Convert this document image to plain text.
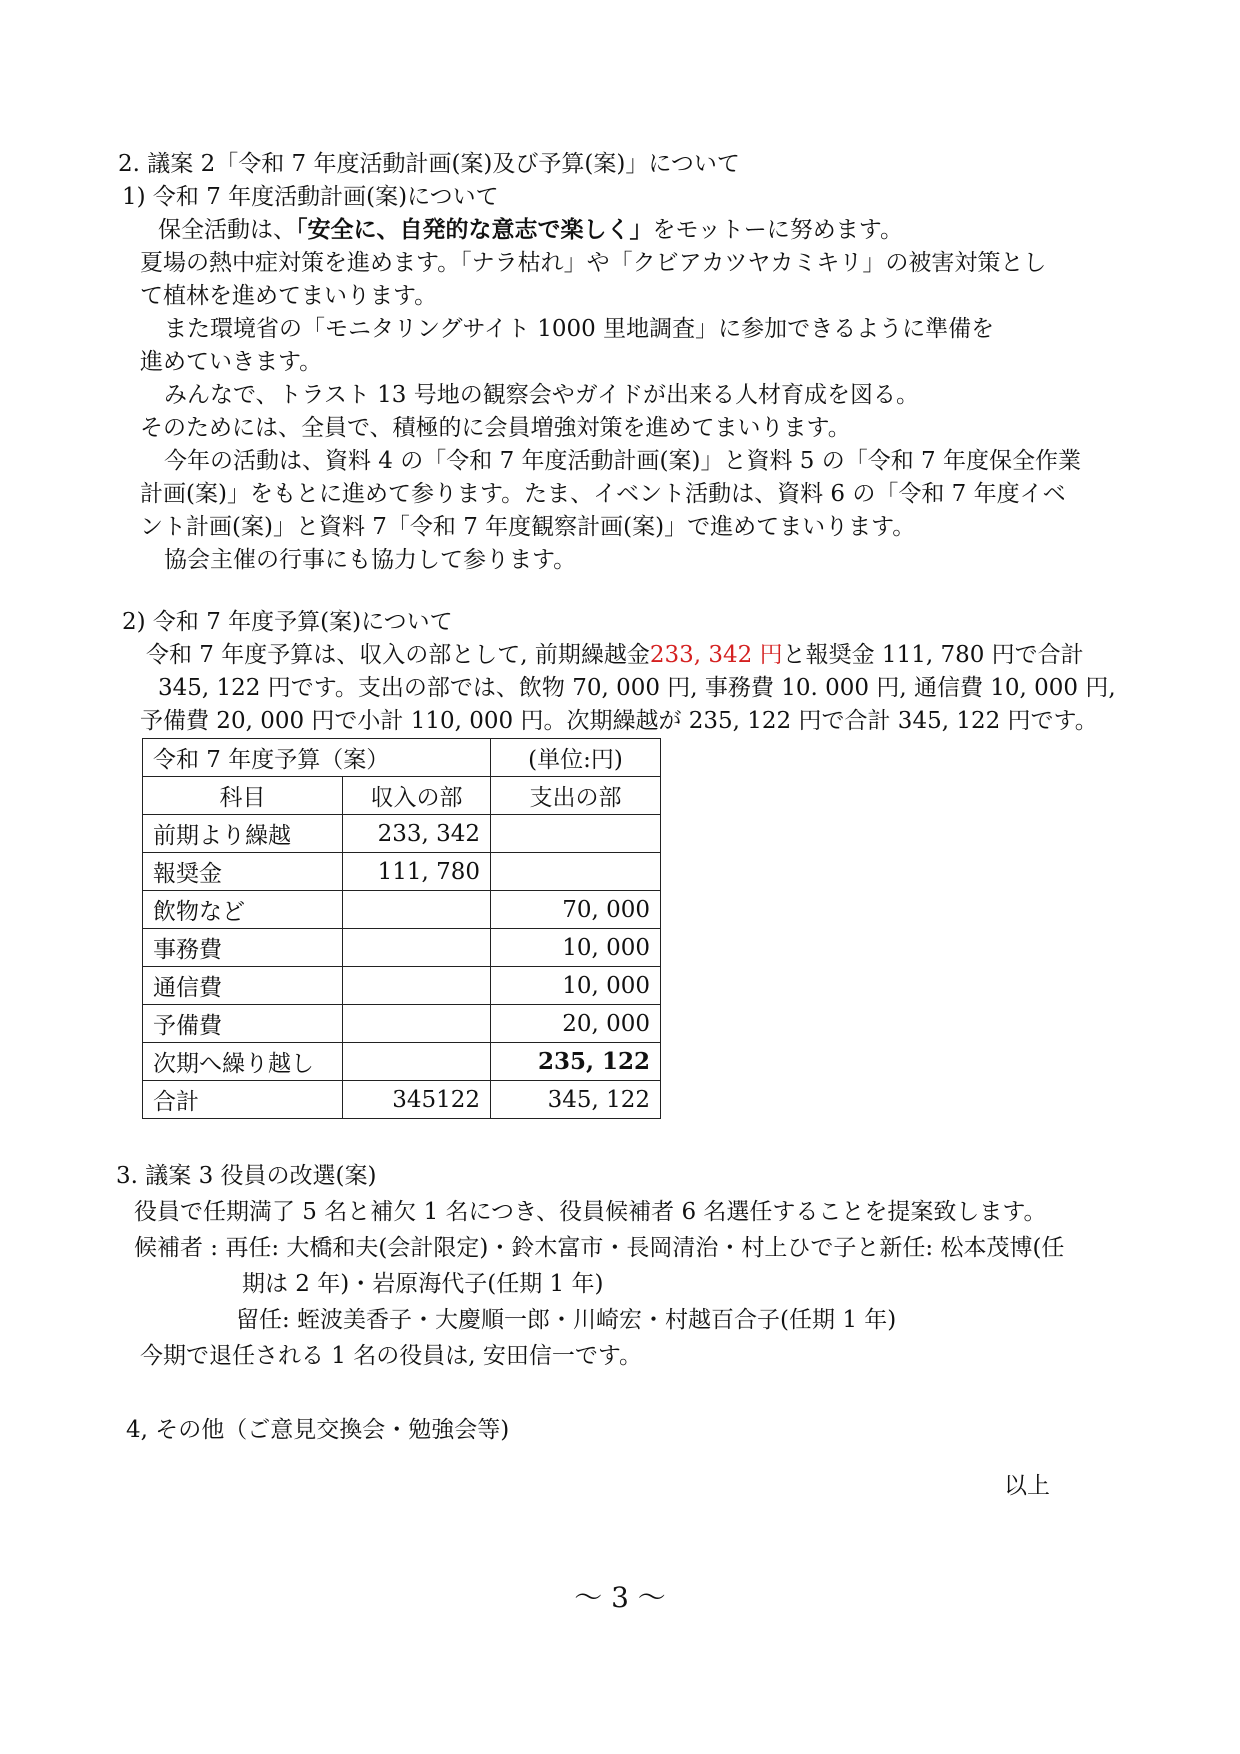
2. 議案 2「令和 7 年度活動計画(案)及び予算(案)」について
1) 令和 7 年度活動計画(案)について
保全活動は、「安全に、自発的な意志で楽しく」をモットーに努めます。
夏場の熱中症対策を進めます。「ナラ枯れ」や「クビアカツヤカミキリ」の被害対策とし
て植林を進めてまいります。
また環境省の「モニタリングサイト 1000 里地調査」に参加できるように準備を
進めていきます。
みんなで、トラスト 13 号地の観察会やガイドが出来る人材育成を図る。
そのためには、全員で、積極的に会員増強対策を進めてまいります。
今年の活動は、資料 4 の「令和 7 年度活動計画(案)」と資料 5 の「令和 7 年度保全作業
計画(案)」をもとに進めて参ります。たま、イベント活動は、資料 6 の「令和 7 年度イベ
ント計画(案)」と資料 7「令和 7 年度観察計画(案)」で進めてまいります。
協会主催の行事にも協力して参ります。
2) 令和 7 年度予算(案)について
令和 7 年度予算は、収入の部として, 前期繰越金233, 342 円と報奨金 111, 780 円で合計
345, 122 円です。支出の部では、飲物 70, 000 円, 事務費 10. 000 円, 通信費 10, 000 円,
予備費 20, 000 円で小計 110, 000 円。次期繰越が 235, 122 円で合計 345, 122 円です。
令和 7 年度予算（案）		(単位:円)
科目	収入の部	支出の部
前期より繰越	233, 342	
報奨金	111, 780	
飲物など		70, 000
事務費		10, 000
通信費		10, 000
予備費		20, 000
次期へ繰り越し		235, 122
合計	345122	345, 122
3. 議案 3 役員の改選(案)
役員で任期満了 5 名と補欠 1 名につき、役員候補者 6 名選任することを提案致します。
候補者 : 再任: 大橋和夫(会計限定)・鈴木富市・長岡清治・村上ひで子と新任: 松本茂博(任
期は 2 年)・岩原海代子(任期 1 年)
留任: 蛭波美香子・大慶順一郎・川崎宏・村越百合子(任期 1 年)
今期で退任される 1 名の役員は, 安田信一です。
4, その他（ご意見交換会・勉強会等)
以上
～ 3 ～
